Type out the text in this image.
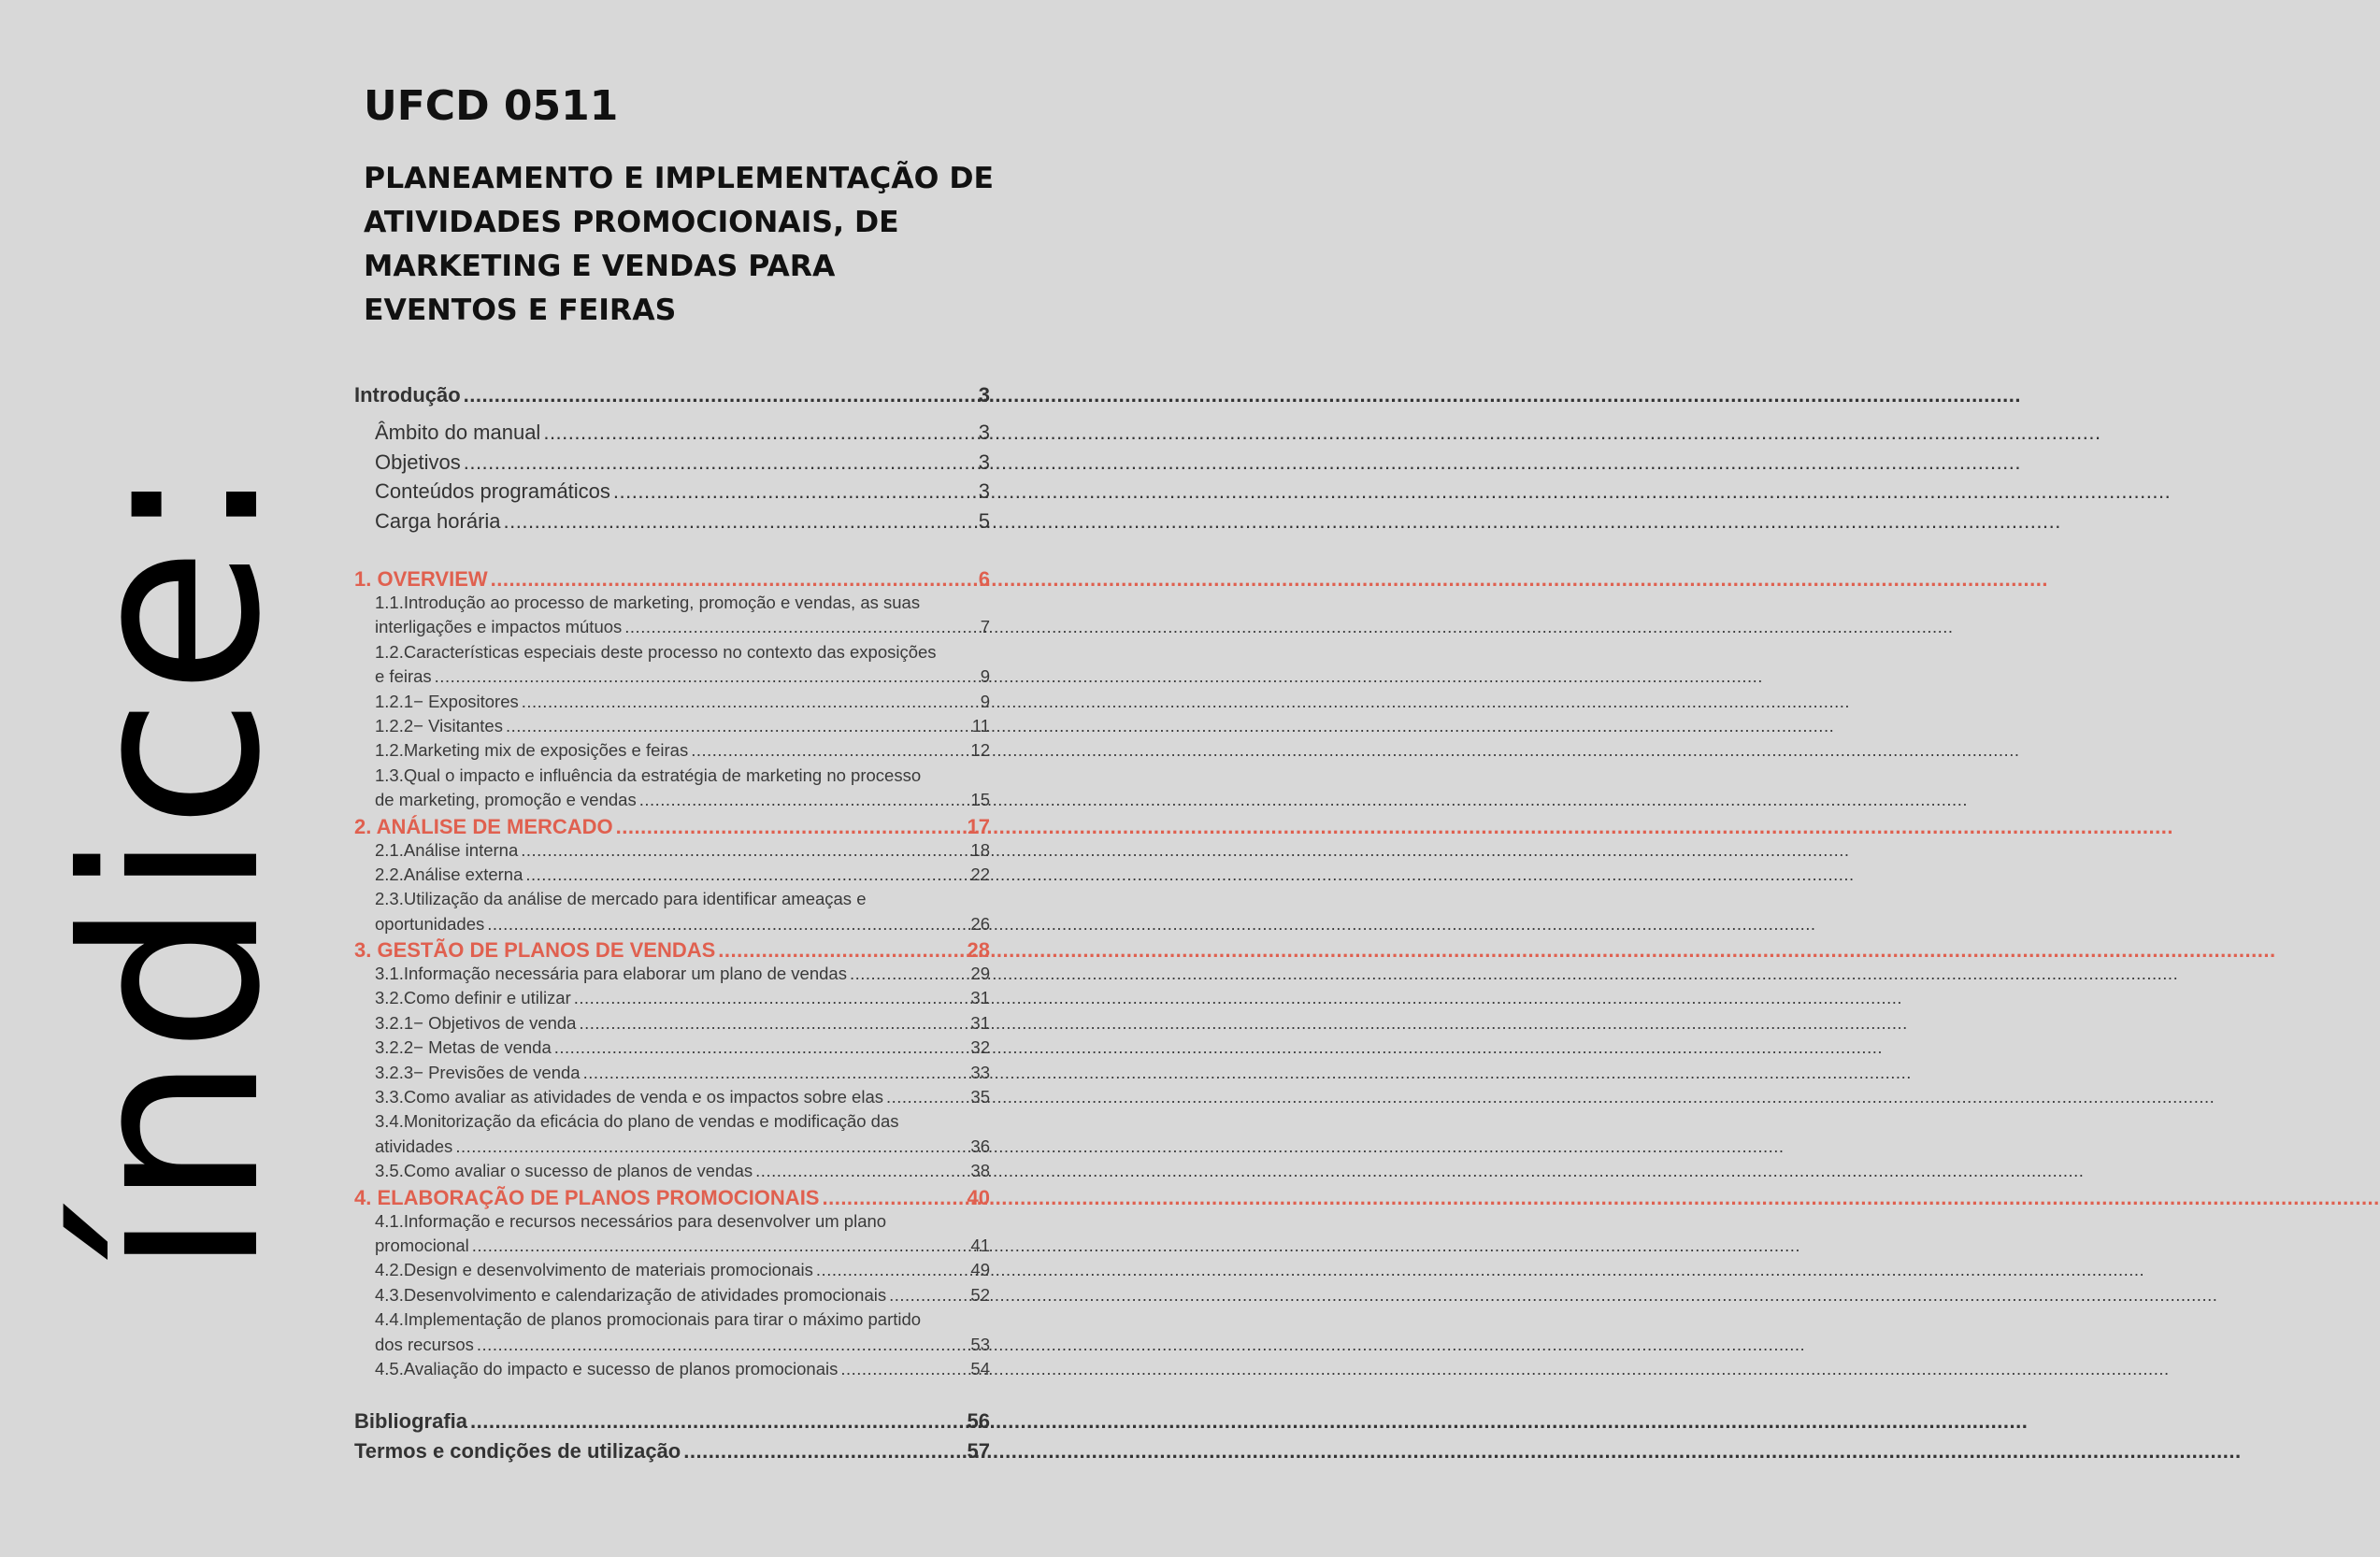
índice:
UFCD 0511
PLANEAMENTO E IMPLEMENTAÇÃO DE ATIVIDADES PROMOCIONAIS, DE MARKETING E VENDAS PARA EVENTOS E FEIRAS
Introdução .....	3
Âmbito do manual .....	3
Objetivos .....	3
Conteúdos programáticos .....	3
Carga horária .....	5
1. OVERVIEW .....	6
1.1.Introdução ao processo de marketing, promoção e vendas, as suas
interligações e impactos mútuos .....	7
1.2.Características especiais deste processo no contexto das exposições
e feiras .....	9
1.2.1− Expositores .....	9
1.2.2− Visitantes .....	11
1.2.Marketing mix de exposições e feiras .....	12
1.3.Qual o impacto e influência da estratégia de marketing no processo
de marketing, promoção e vendas .....	15
2. ANÁLISE DE MERCADO .....	17
2.1.Análise interna .....	18
2.2.Análise externa .....	22
2.3.Utilização da análise de mercado para identificar ameaças e
oportunidades .....	26
3. GESTÃO DE PLANOS DE VENDAS .....	28
3.1.Informação necessária para elaborar um plano de vendas .....	29
3.2.Como definir e utilizar .....	31
3.2.1− Objetivos de venda .....	31
3.2.2− Metas de venda .....	32
3.2.3− Previsões de venda .....	33
3.3.Como avaliar as atividades de venda e os impactos sobre elas .....	35
3.4.Monitorização da eficácia do plano de vendas e modificação das
atividades .....	36
3.5.Como avaliar o sucesso de planos de vendas .....	38
4. ELABORAÇÃO DE PLANOS PROMOCIONAIS .....	40
4.1.Informação e recursos necessários para desenvolver um plano
promocional .....	41
4.2.Design e desenvolvimento de materiais promocionais .....	49
4.3.Desenvolvimento e calendarização de atividades promocionais .....	52
4.4.Implementação de planos promocionais para tirar o máximo partido
dos recursos .....	53
4.5.Avaliação do impacto e sucesso de planos promocionais .....	54
Bibliografia .....	56
Termos e condições de utilização .....	57
